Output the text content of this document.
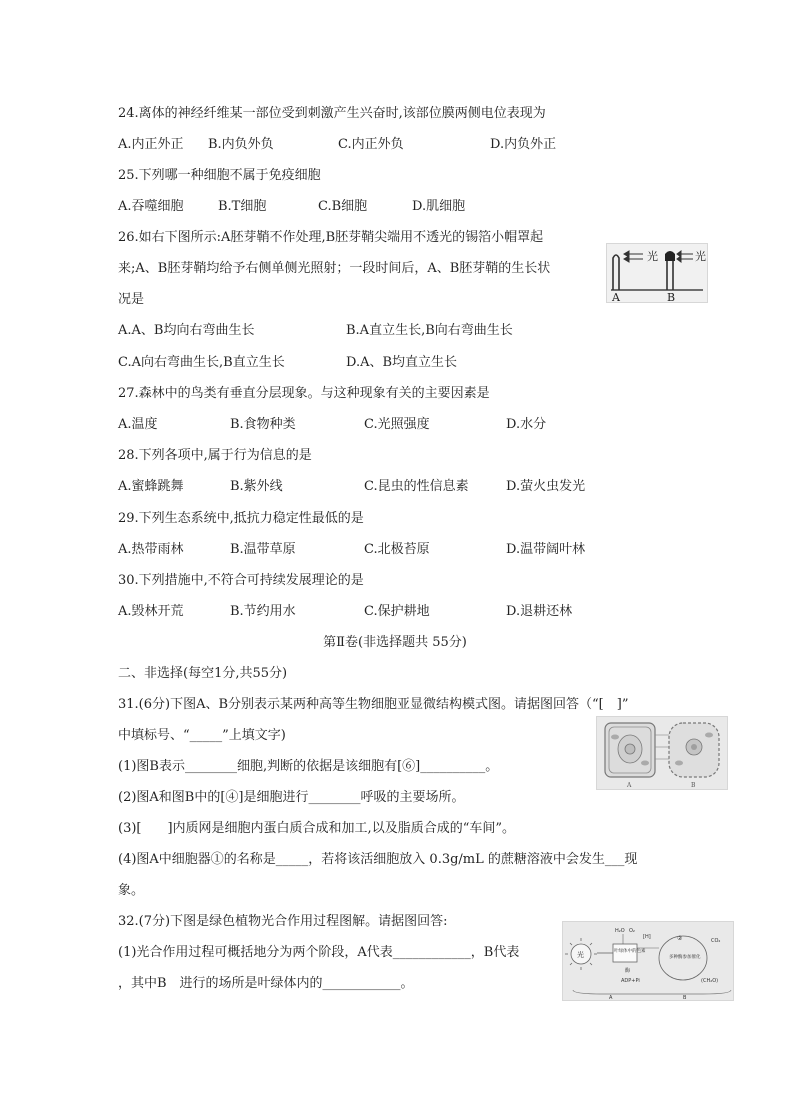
24.离体的神经纤维某一部位受到刺激产生兴奋时,该部位膜两侧电位表现为
A.内正外正 B.内负外负	C.内正外负	D.内负外正
25.下列哪一种细胞不属于免疫细胞
A.吞噬细胞	B.T细胞	C.B细胞	D.肌细胞
26.如右下图所示:A胚芽鞘不作处理,B胚芽鞘尖端用不透光的锡箔小帽罩起
来;A、B胚芽鞘均给予右侧单侧光照射；一段时间后，A、B胚芽鞘的生长状
况是
光	光
A	B
A.A、B均向右弯曲生长	B.A直立生长,B向右弯曲生长
C.A向右弯曲生长,B直立生长	D.A、B均直立生长
27.森林中的鸟类有垂直分层现象。与这种现象有关的主要因素是
A.温度	B.食物种类	C.光照强度	D.水分
28.下列各项中,属于行为信息的是
A.蜜蜂跳舞	B.紫外线	C.昆虫的性信息素	D.萤火虫发光
29.下列生态系统中,抵抗力稳定性最低的是
A.热带雨林	B.温带草原	C.北极苔原	D.温带阔叶林
30.下列措施中,不符合可持续发展理论的是
A.毁林开荒	B.节约用水	C.保护耕地	D.退耕还林
第Ⅱ卷(非选择题共 55分)
二、非选择(每空1分,共55分)
31.(6分)下图A、B分别表示某两种高等生物细胞亚显微结构模式图。请据图回答（“[　]”
中填标号、“_____”上填文字)
A	B
(1)图B表示________细胞,判断的依据是该细胞有[⑥]__________。
(2)图A和图B中的[④]是细胞进行________呼吸的主要场所。
(3)[　　]内质网是细胞内蛋白质合成和加工,以及脂质合成的“车间”。
(4)图A中细胞器①的名称是_____，若将该活细胞放入 0.3g/mL 的蔗糖溶液中会发生___现
象。
32.(7分)下图是绿色植物光合作用过程图解。请据图回答:
(1)光合作用过程可概括地分为两个阶段，A代表____________，B代表
，其中B　进行的场所是叶绿体内的____________。
光	叶绿体中的色素
H₂O O₂
[H]
酶
ADP+Pi
②
多种酶参加催化
CO₂
(CH₂O)
A	B
